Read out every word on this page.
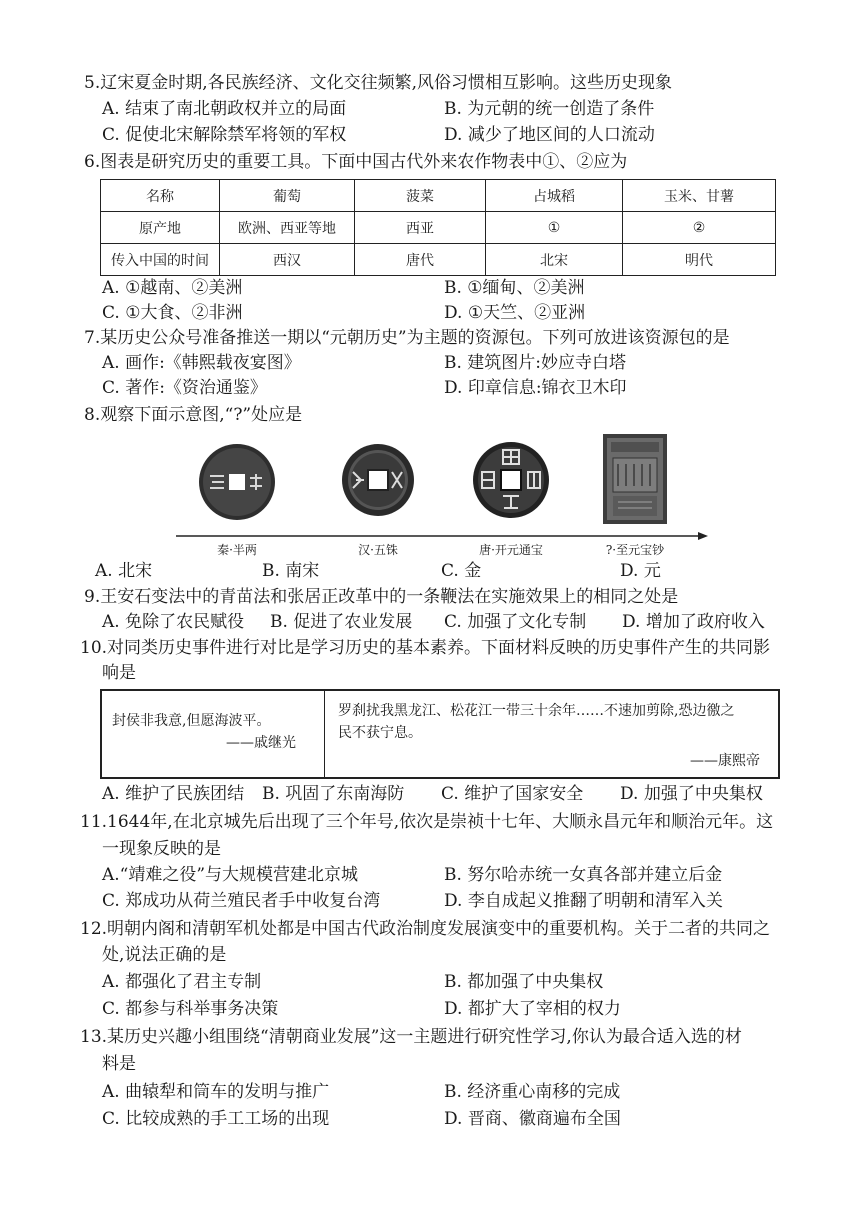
5.辽宋夏金时期,各民族经济、文化交往频繁,风俗习惯相互影响。这些历史现象
A. 结束了南北朝政权并立的局面	B. 为元朝的统一创造了条件
C. 促使北宋解除禁军将领的军权	D. 减少了地区间的人口流动
6.图表是研究历史的重要工具。下面中国古代外来农作物表中①、②应为
名称	葡萄	菠菜	占城稻	玉米、甘薯
原产地	欧洲、西亚等地	西亚	①	②
传入中国的时间	西汉	唐代	北宋	明代
A. ①越南、②美洲	B. ①缅甸、②美洲
C. ①大食、②非洲	D. ①天竺、②亚洲
7.某历史公众号准备推送一期以“元朝历史”为主题的资源包。下列可放进该资源包的是
A. 画作:《韩熙载夜宴图》	B. 建筑图片:妙应寺白塔
C. 著作:《资治通鉴》	D. 印章信息:锦衣卫木印
8.观察下面示意图,“?”处应是
秦·半两	汉·五铢	唐·开元通宝	?·至元宝钞
A. 北宋	B. 南宋	C. 金	D. 元
9.王安石变法中的青苗法和张居正改革中的一条鞭法在实施效果上的相同之处是
A. 免除了农民赋役 B. 促进了农业发展 C. 加强了文化专制 D. 增加了政府收入
10.对同类历史事件进行对比是学习历史的基本素养。下面材料反映的历史事件产生的共同影
响是
封侯非我意,但愿海波平。
——戚继光
罗刹扰我黑龙江、松花江一带三十余年……不速加剪除,恐边徼之
民不获宁息。
——康熙帝
A. 维护了民族团结 B. 巩固了东南海防 C. 维护了国家安全 D. 加强了中央集权
11.1644年,在北京城先后出现了三个年号,依次是崇祯十七年、大顺永昌元年和顺治元年。这
一现象反映的是
A.“靖难之役”与大规模营建北京城	B. 努尔哈赤统一女真各部并建立后金
C. 郑成功从荷兰殖民者手中收复台湾	D. 李自成起义推翻了明朝和清军入关
12.明朝内阁和清朝军机处都是中国古代政治制度发展演变中的重要机构。关于二者的共同之
处,说法正确的是
A. 都强化了君主专制	B. 都加强了中央集权
C. 都参与科举事务决策	D. 都扩大了宰相的权力
13.某历史兴趣小组围绕“清朝商业发展”这一主题进行研究性学习,你认为最合适入选的材
料是
A. 曲辕犁和筒车的发明与推广	B. 经济重心南移的完成
C. 比较成熟的手工工场的出现	D. 晋商、徽商遍布全国
